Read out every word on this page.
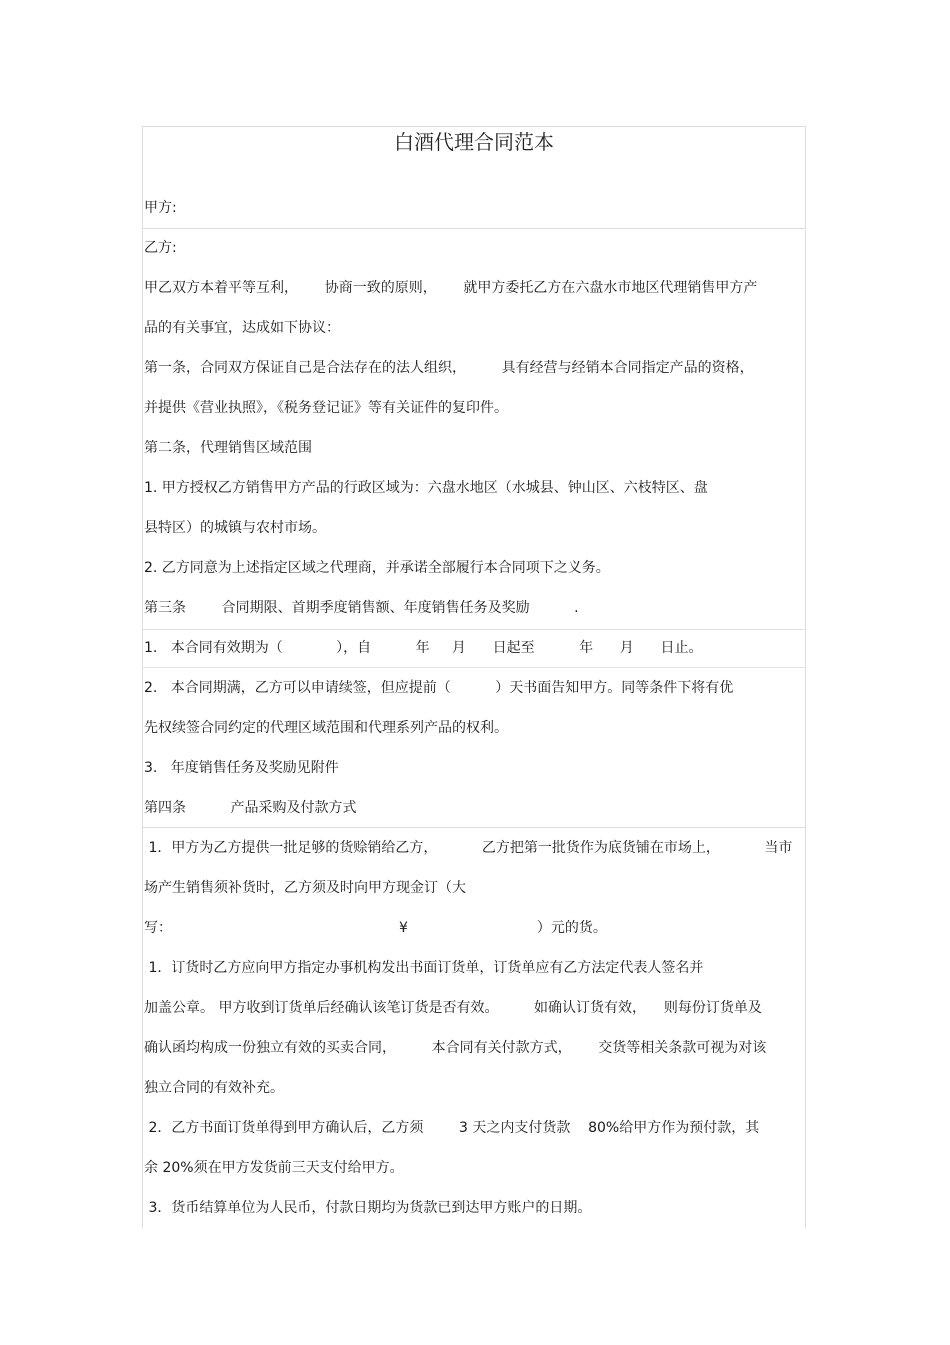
白酒代理合同范本
甲方:
乙方:
甲乙双方本着平等互利，      协商一致的原则，      就甲方委托乙方在六盘水市地区代理销售甲方产
品的有关事宜，达成如下协议：
第一条，合同双方保证自己是合法存在的法人组织，        具有经营与经销本合同指定产品的资格，
并提供《营业执照》，《税务登记证》等有关证件的复印件。
第二条，代理销售区域范围
1. 甲方授权乙方销售甲方产品的行政区域为：六盘水地区（水城县、钟山区、六枝特区、盘
县特区）的城镇与农村市场。
2. 乙方同意为上述指定区域之代理商，并承诺全部履行本合同项下之义务。
第三条        合同期限、首期季度销售额、年度销售任务及奖励          .
1.   本合同有效期为（            ），自          年     月      日起至          年      月      日止。
2.   本合同期满，乙方可以申请续签，但应提前（          ）天书面告知甲方。同等条件下将有优
先权续签合同约定的代理区域范围和代理系列产品的权利。
3.   年度销售任务及奖励见附件
第四条          产品采购及付款方式
1．甲方为乙方提供一批足够的货赊销给乙方，          乙方把第一批货作为底货铺在市场上，          当市
场产生销售须补货时，乙方须及时向甲方现金订（大
写：                                                   ¥                             ）元的货。
1．订货时乙方应向甲方指定办事机构发出书面订货单，订货单应有乙方法定代表人签名并
加盖公章。 甲方收到订货单后经确认该笔订货是否有效。        如确认订货有效，    则每份订货单及
确认函均构成一份独立有效的买卖合同，        本合同有关付款方式，      交货等相关条款可视为对该
独立合同的有效补充。
2．乙方书面订货单得到甲方确认后，乙方须        3 天之内支付货款    80%给甲方作为预付款，其
余 20%须在甲方发货前三天支付给甲方。
3．货币结算单位为人民币，付款日期均为货款已到达甲方账户的日期。
